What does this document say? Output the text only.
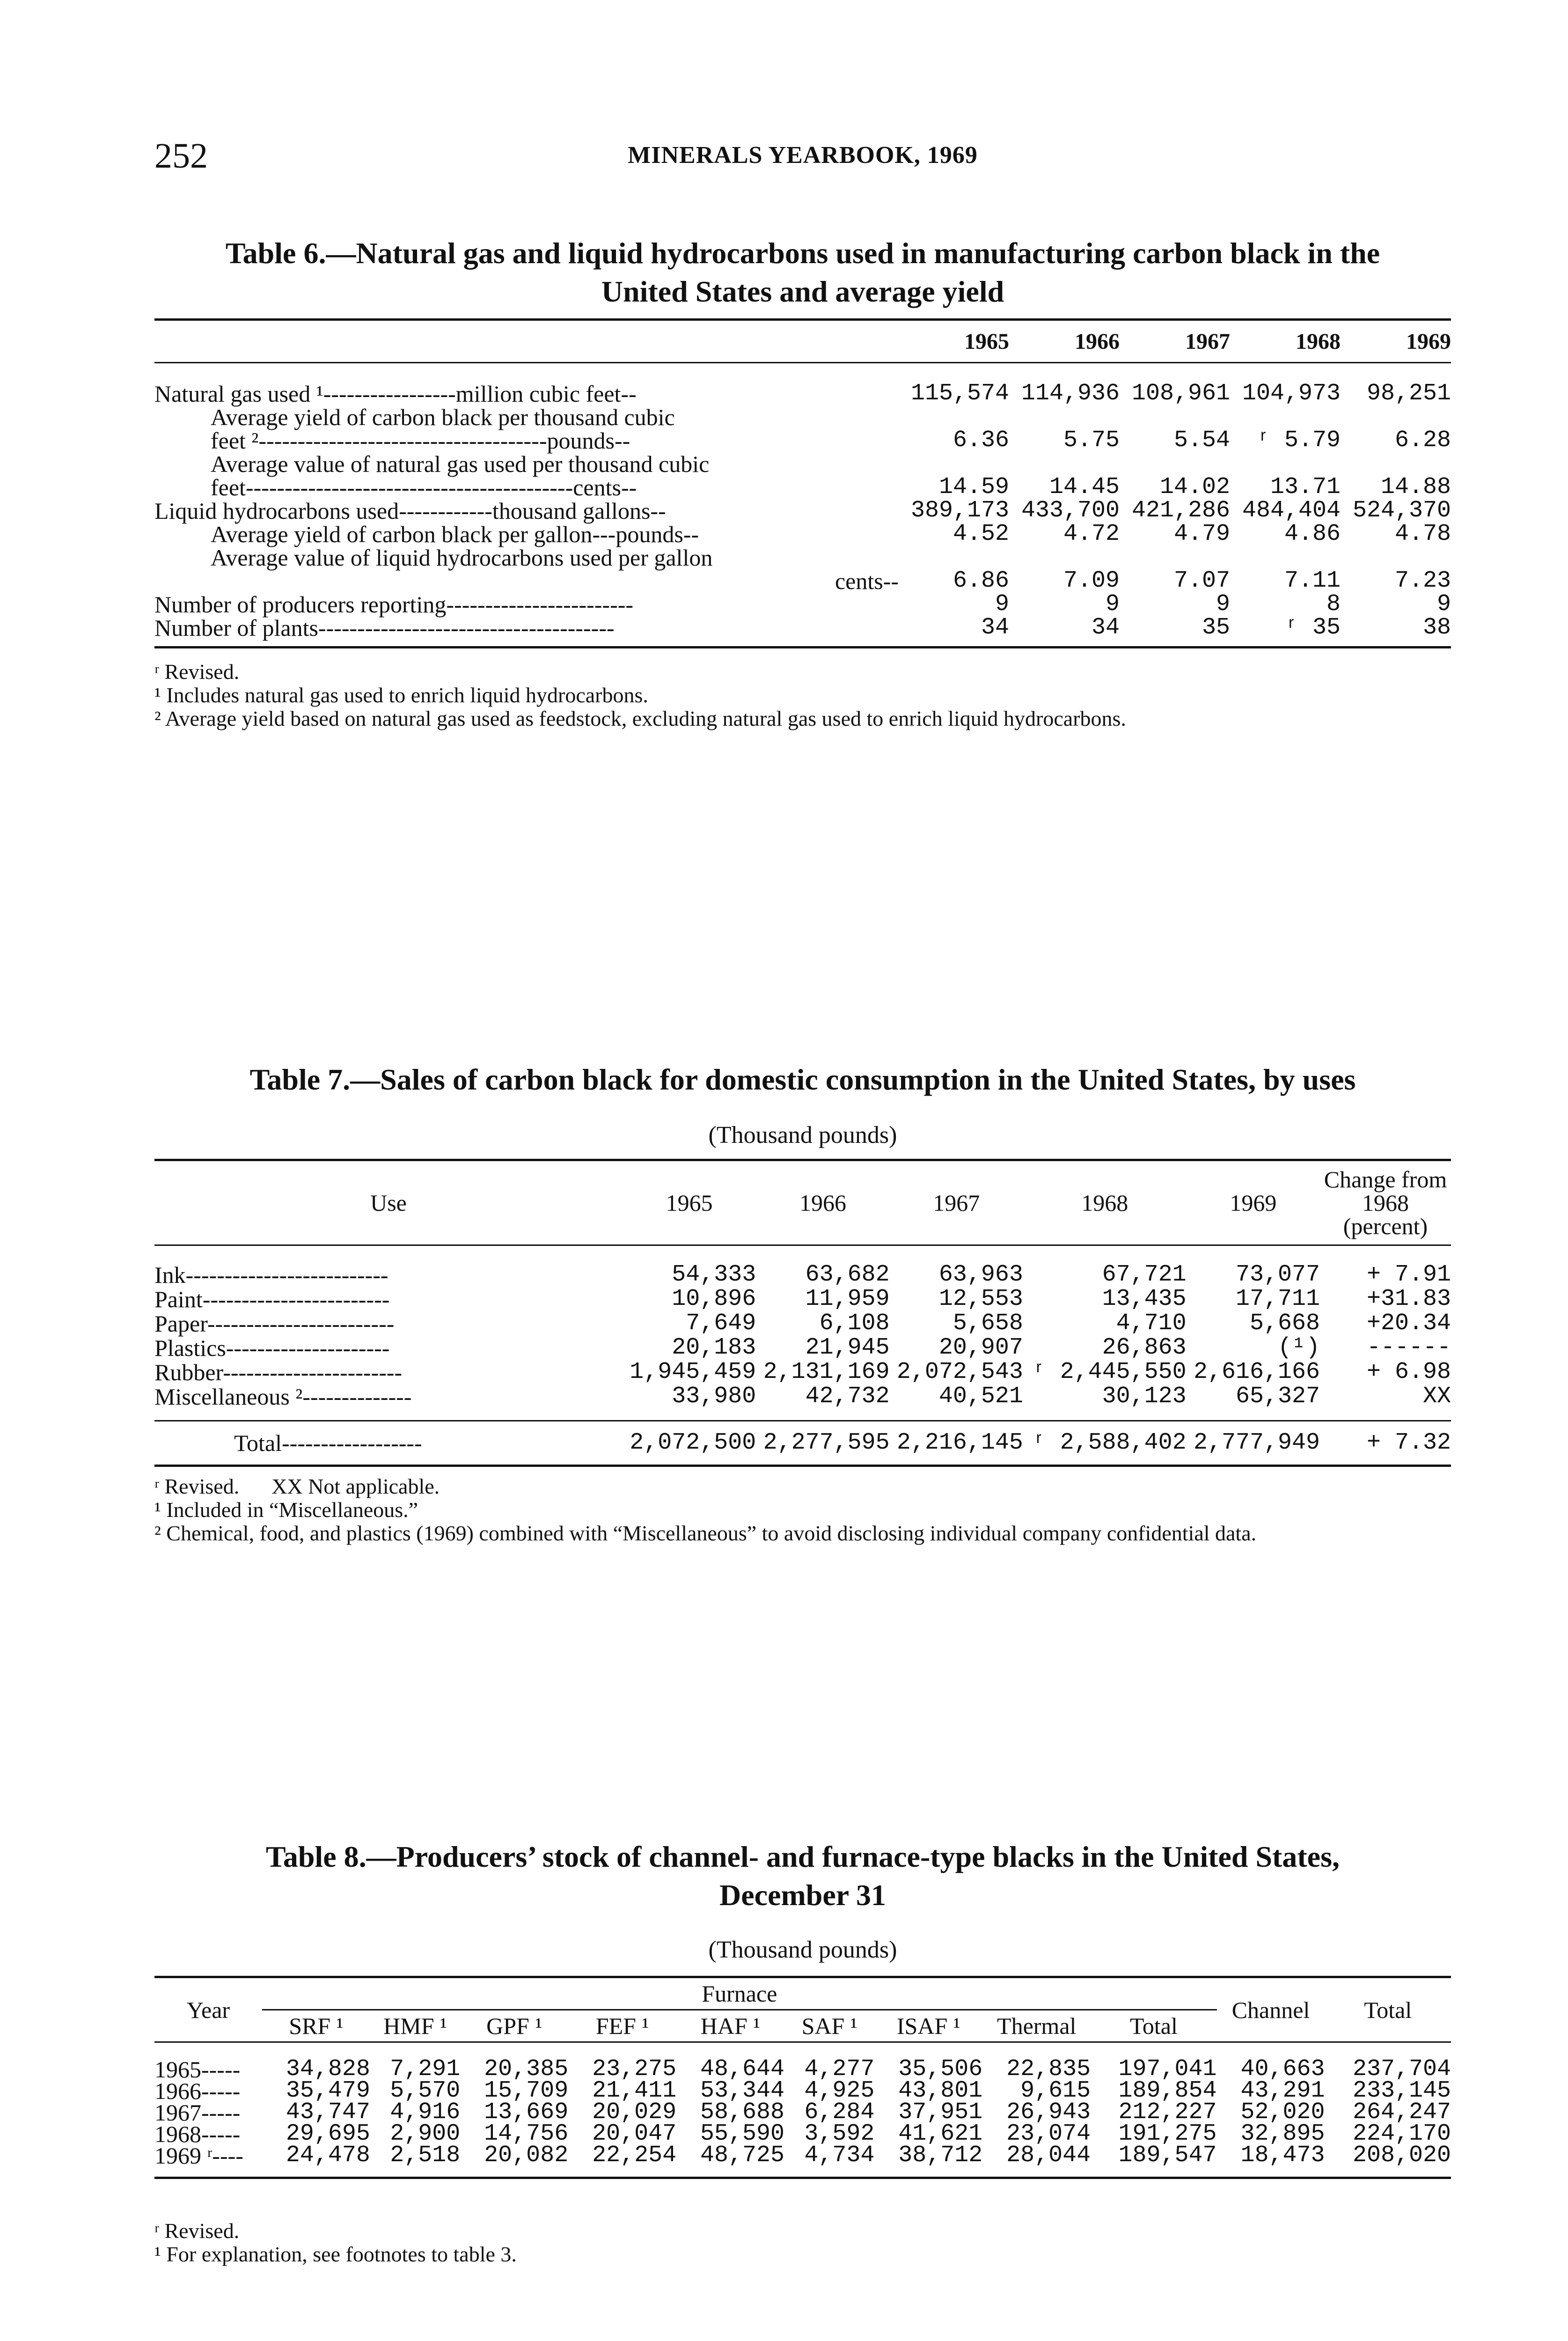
252	MINERALS YEARBOOK, 1969
Table 6.—Natural gas and liquid hydrocarbons used in manufacturing carbon black in the United States and average yield
	1965	1966	1967	1968	1969
Natural gas used ¹-----------------million cubic feet--	115,574	114,936	108,961	104,973	98,251
Average yield of carbon black per thousand cubic					
feet ²-------------------------------------pounds--	6.36	5.75	5.54	ʳ 5.79	6.28
Average value of natural gas used per thousand cubic					
feet------------------------------------------cents--	14.59	14.45	14.02	13.71	14.88
Liquid hydrocarbons used------------thousand gallons--	389,173	433,700	421,286	484,404	524,370
Average yield of carbon black per gallon---pounds--	4.52	4.72	4.79	4.86	4.78
Average value of liquid hydrocarbons used per gallon					
cents--	6.86	7.09	7.07	7.11	7.23
Number of producers reporting------------------------	9	9	9	8	9
Number of plants--------------------------------------	34	34	35	ʳ 35	38
ʳ Revised.
¹ Includes natural gas used to enrich liquid hydrocarbons.
² Average yield based on natural gas used as feedstock, excluding natural gas used to enrich liquid hydrocarbons.
Table 7.—Sales of carbon black for domestic consumption in the United States, by uses
(Thousand pounds)
Use	1965	1966	1967	1968	1969	Change from 1968 (percent)
Ink--------------------------	54,333	63,682	63,963	67,721	73,077	+ 7.91
Paint------------------------	10,896	11,959	12,553	13,435	17,711	+31.83
Paper------------------------	7,649	6,108	5,658	4,710	5,668	+20.34
Plastics---------------------	20,183	21,945	20,907	26,863	(¹)	------
Rubber-----------------------	1,945,459	2,131,169	2,072,543	ʳ 2,445,550	2,616,166	+ 6.98
Miscellaneous ²--------------	33,980	42,732	40,521	30,123	65,327	XX
Total------------------	2,072,500	2,277,595	2,216,145	ʳ 2,588,402	2,777,949	+ 7.32
ʳ Revised.      XX Not applicable.
¹ Included in “Miscellaneous.”
² Chemical, food, and plastics (1969) combined with “Miscellaneous” to avoid disclosing individual company confidential data.
Table 8.—Producers’ stock of channel- and furnace-type blacks in the United States,
December 31
(Thousand pounds)
Year	Furnace									Channel	Total
	SRF ¹	HMF ¹	GPF ¹	FEF ¹	HAF ¹	SAF ¹	ISAF ¹	Thermal	Total		
1965-----	34,828	7,291	20,385	23,275	48,644	4,277	35,506	22,835	197,041	40,663	237,704
1966-----	35,479	5,570	15,709	21,411	53,344	4,925	43,801	9,615	189,854	43,291	233,145
1967-----	43,747	4,916	13,669	20,029	58,688	6,284	37,951	26,943	212,227	52,020	264,247
1968-----	29,695	2,900	14,756	20,047	55,590	3,592	41,621	23,074	191,275	32,895	224,170
1969 ʳ----	24,478	2,518	20,082	22,254	48,725	4,734	38,712	28,044	189,547	18,473	208,020
ʳ Revised.
¹ For explanation, see footnotes to table 3.
